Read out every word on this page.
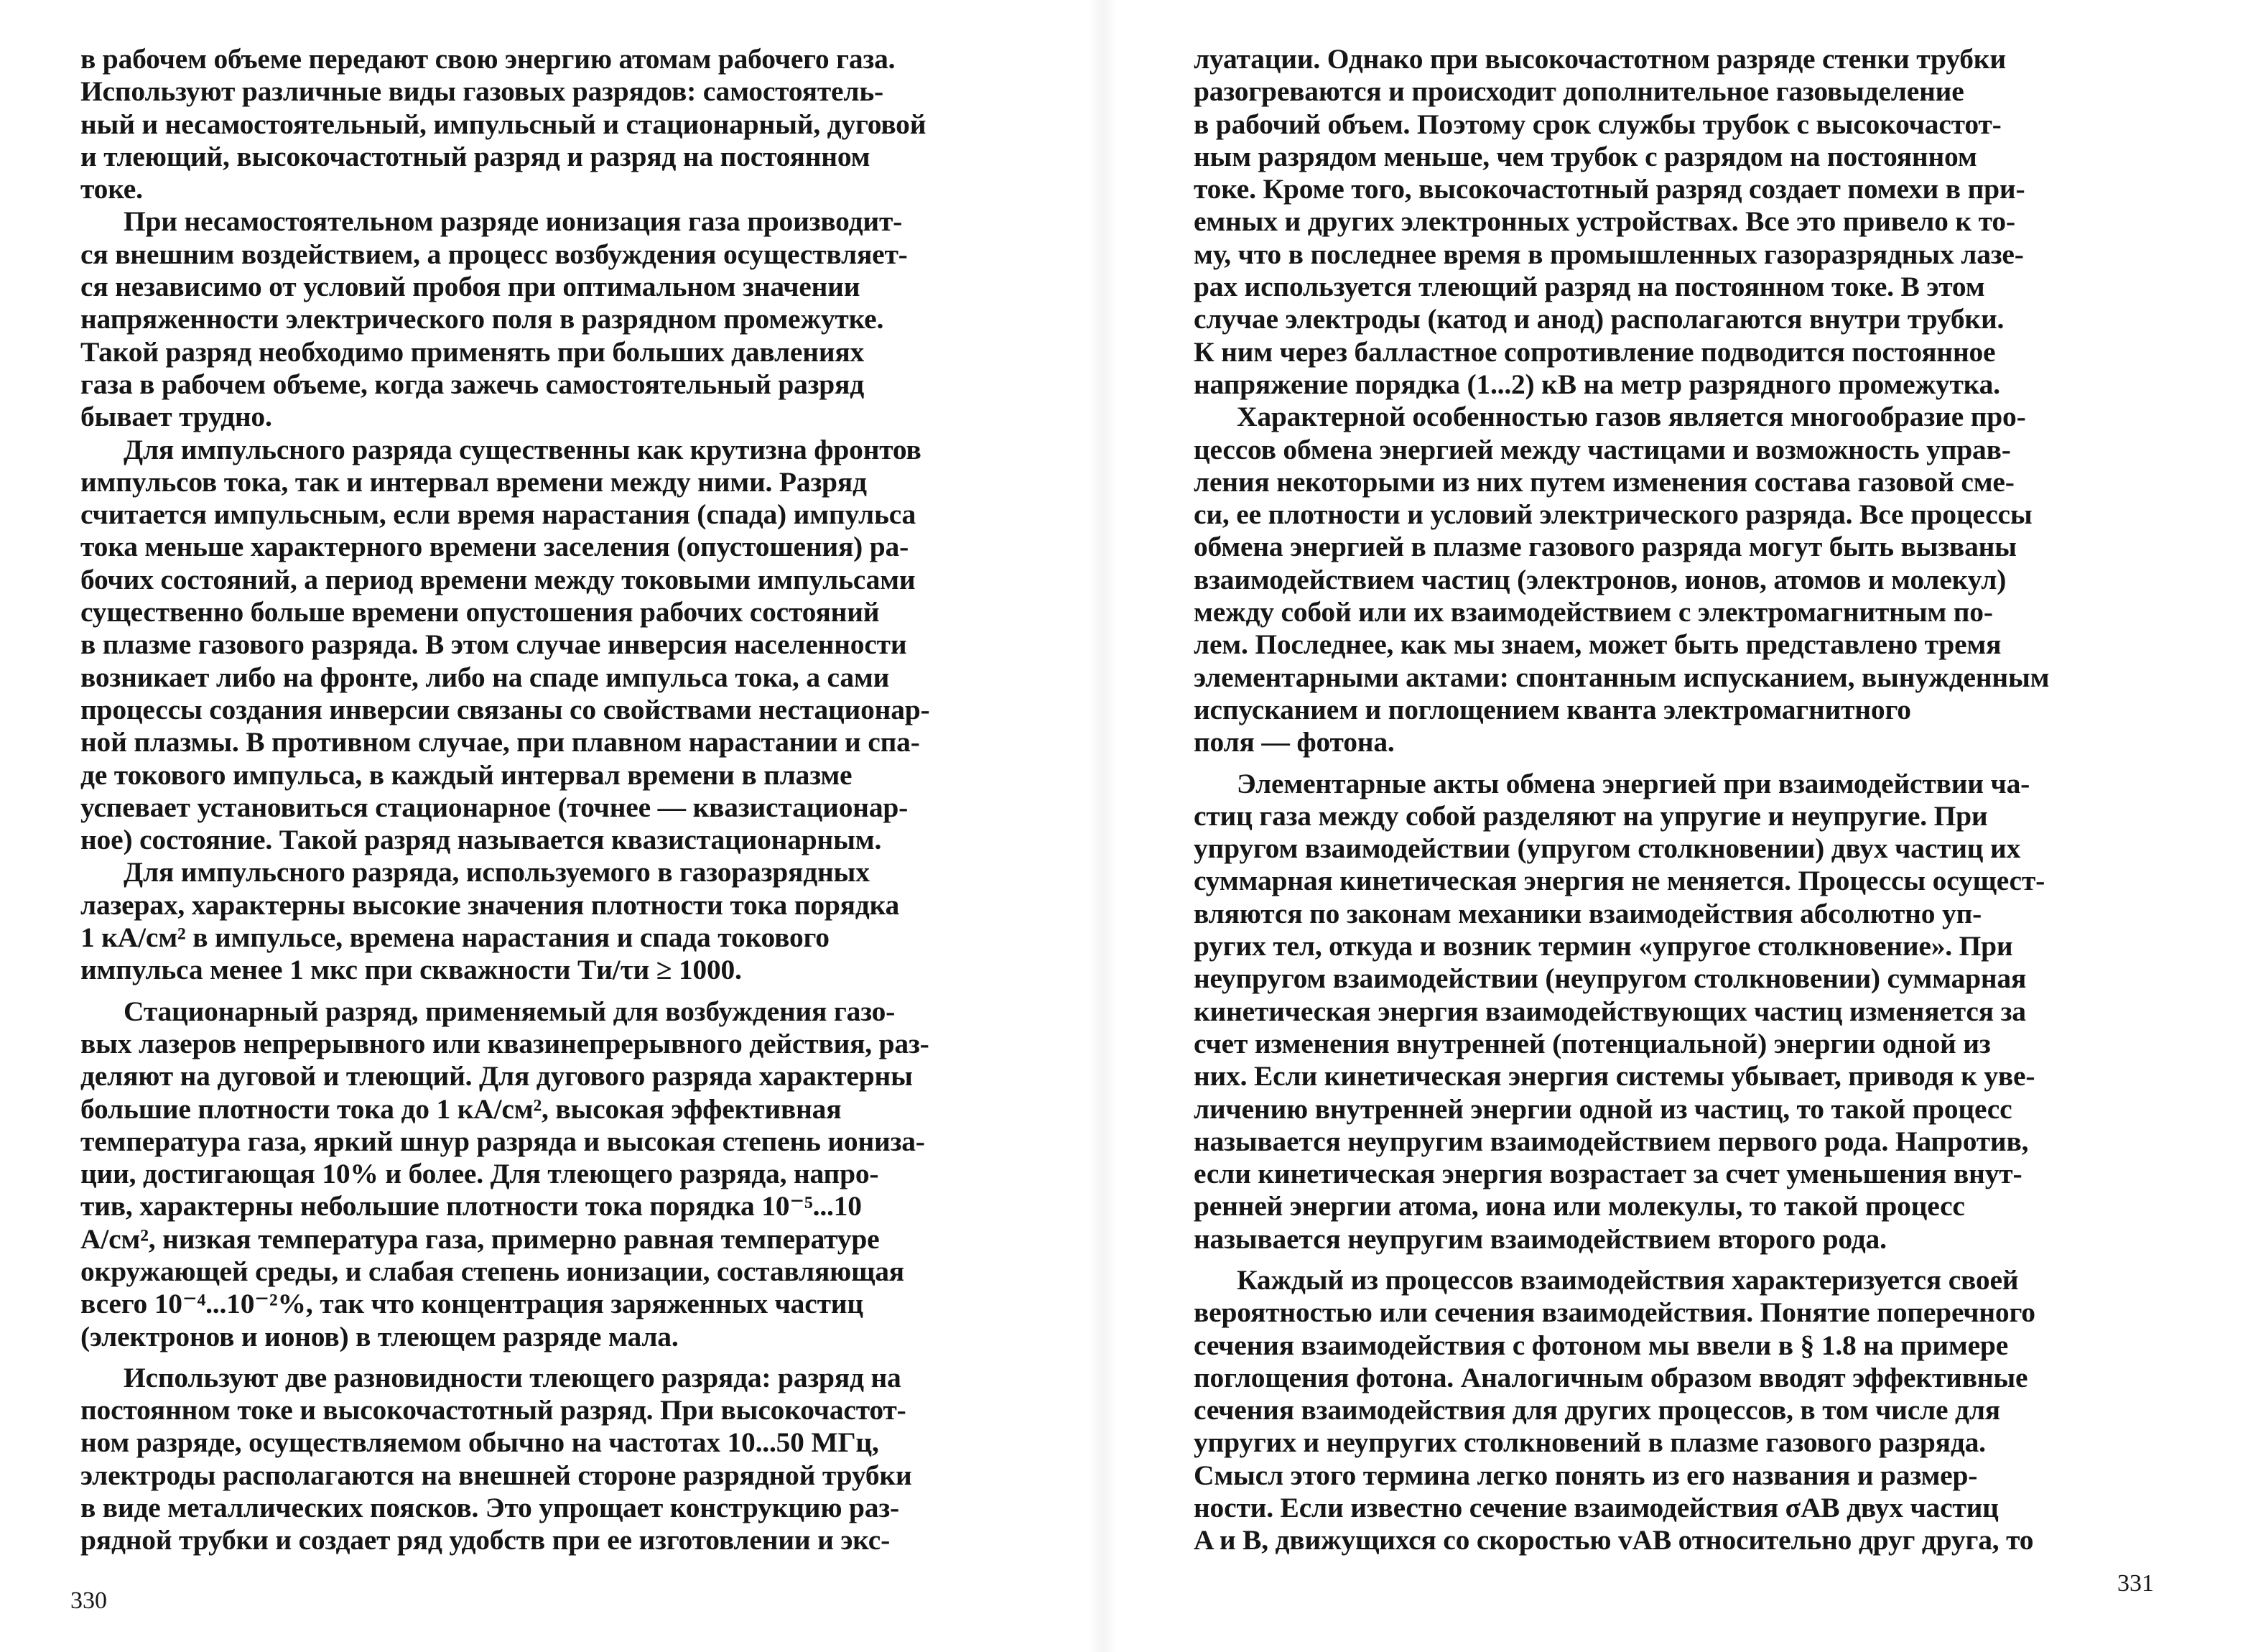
в рабочем объеме передают свою энергию атомам рабочего газа.
Используют различные виды газовых разрядов: самостоятель-
ный и несамостоятельный, импульсный и стационарный, дуговой
и тлеющий, высокочастотный разряд и разряд на постоянном
токе.
При несамостоятельном разряде ионизация газа производит-
ся внешним воздействием, а процесс возбуждения осуществляет-
ся независимо от условий пробоя при оптимальном значении
напряженности электрического поля в разрядном промежутке.
Такой разряд необходимо применять при больших давлениях
газа в рабочем объеме, когда зажечь самостоятельный разряд
бывает трудно.
Для импульсного разряда существенны как крутизна фронтов
импульсов тока, так и интервал времени между ними. Разряд
считается импульсным, если время нарастания (спада) импульса
тока меньше характерного времени заселения (опустошения) ра-
бочих состояний, а период времени между токовыми импульсами
существенно больше времени опустошения рабочих состояний
в плазме газового разряда. В этом случае инверсия населенности
возникает либо на фронте, либо на спаде импульса тока, а сами
процессы создания инверсии связаны со свойствами нестационар-
ной плазмы. В противном случае, при плавном нарастании и спа-
де токового импульса, в каждый интервал времени в плазме
успевает установиться стационарное (точнее — квазистационар-
ное) состояние. Такой разряд называется квазистационарным.
Для импульсного разряда, используемого в газоразрядных
лазерах, характерны высокие значения плотности тока порядка
1 кА/см² в импульсе, времена нарастания и спада токового
импульса менее 1 мкс при скважности Tи/τи ≥ 1000.
Стационарный разряд, применяемый для возбуждения газо-
вых лазеров непрерывного или квазинепрерывного действия, раз-
деляют на дуговой и тлеющий. Для дугового разряда характерны
большие плотности тока до 1 кА/см², высокая эффективная
температура газа, яркий шнур разряда и высокая степень иониза-
ции, достигающая 10% и более. Для тлеющего разряда, напро-
тив, характерны небольшие плотности тока порядка 10⁻⁵...10
А/см², низкая температура газа, примерно равная температуре
окружающей среды, и слабая степень ионизации, составляющая
всего 10⁻⁴...10⁻²%, так что концентрация заряженных частиц
(электронов и ионов) в тлеющем разряде мала.
Используют две разновидности тлеющего разряда: разряд на
постоянном токе и высокочастотный разряд. При высокочастот-
ном разряде, осуществляемом обычно на частотах 10...50 МГц,
электроды располагаются на внешней стороне разрядной трубки
в виде металлических поясков. Это упрощает конструкцию раз-
рядной трубки и создает ряд удобств при ее изготовлении и экс-
330
луатации. Однако при высокочастотном разряде стенки трубки
разогреваются и происходит дополнительное газовыделение
в рабочий объем. Поэтому срок службы трубок с высокочастот-
ным разрядом меньше, чем трубок с разрядом на постоянном
токе. Кроме того, высокочастотный разряд создает помехи в при-
емных и других электронных устройствах. Все это привело к то-
му, что в последнее время в промышленных газоразрядных лазе-
рах используется тлеющий разряд на постоянном токе. В этом
случае электроды (катод и анод) располагаются внутри трубки.
К ним через балластное сопротивление подводится постоянное
напряжение порядка (1...2) кВ на метр разрядного промежутка.
Характерной особенностью газов является многообразие про-
цессов обмена энергией между частицами и возможность управ-
ления некоторыми из них путем изменения состава газовой сме-
си, ее плотности и условий электрического разряда. Все процессы
обмена энергией в плазме газового разряда могут быть вызваны
взаимодействием частиц (электронов, ионов, атомов и молекул)
между собой или их взаимодействием с электромагнитным по-
лем. Последнее, как мы знаем, может быть представлено тремя
элементарными актами: спонтанным испусканием, вынужденным
испусканием и поглощением кванта электромагнитного
поля — фотона.
Элементарные акты обмена энергией при взаимодействии ча-
стиц газа между собой разделяют на упругие и неупругие. При
упругом взаимодействии (упругом столкновении) двух частиц их
суммарная кинетическая энергия не меняется. Процессы осущест-
вляются по законам механики взаимодействия абсолютно уп-
ругих тел, откуда и возник термин «упругое столкновение». При
неупругом взаимодействии (неупругом столкновении) суммарная
кинетическая энергия взаимодействующих частиц изменяется за
счет изменения внутренней (потенциальной) энергии одной из
них. Если кинетическая энергия системы убывает, приводя к уве-
личению внутренней энергии одной из частиц, то такой процесс
называется неупругим взаимодействием первого рода. Напротив,
если кинетическая энергия возрастает за счет уменьшения внут-
ренней энергии атома, иона или молекулы, то такой процесс
называется неупругим взаимодействием второго рода.
Каждый из процессов взаимодействия характеризуется своей
вероятностью или сечения взаимодействия. Понятие поперечного
сечения взаимодействия с фотоном мы ввели в § 1.8 на примере
поглощения фотона. Аналогичным образом вводят эффективные
сечения взаимодействия для других процессов, в том числе для
упругих и неупругих столкновений в плазме газового разряда.
Смысл этого термина легко понять из его названия и размер-
ности. Если известно сечение взаимодействия σAB двух частиц
A и B, движущихся со скоростью vAB относительно друг друга, то
331
